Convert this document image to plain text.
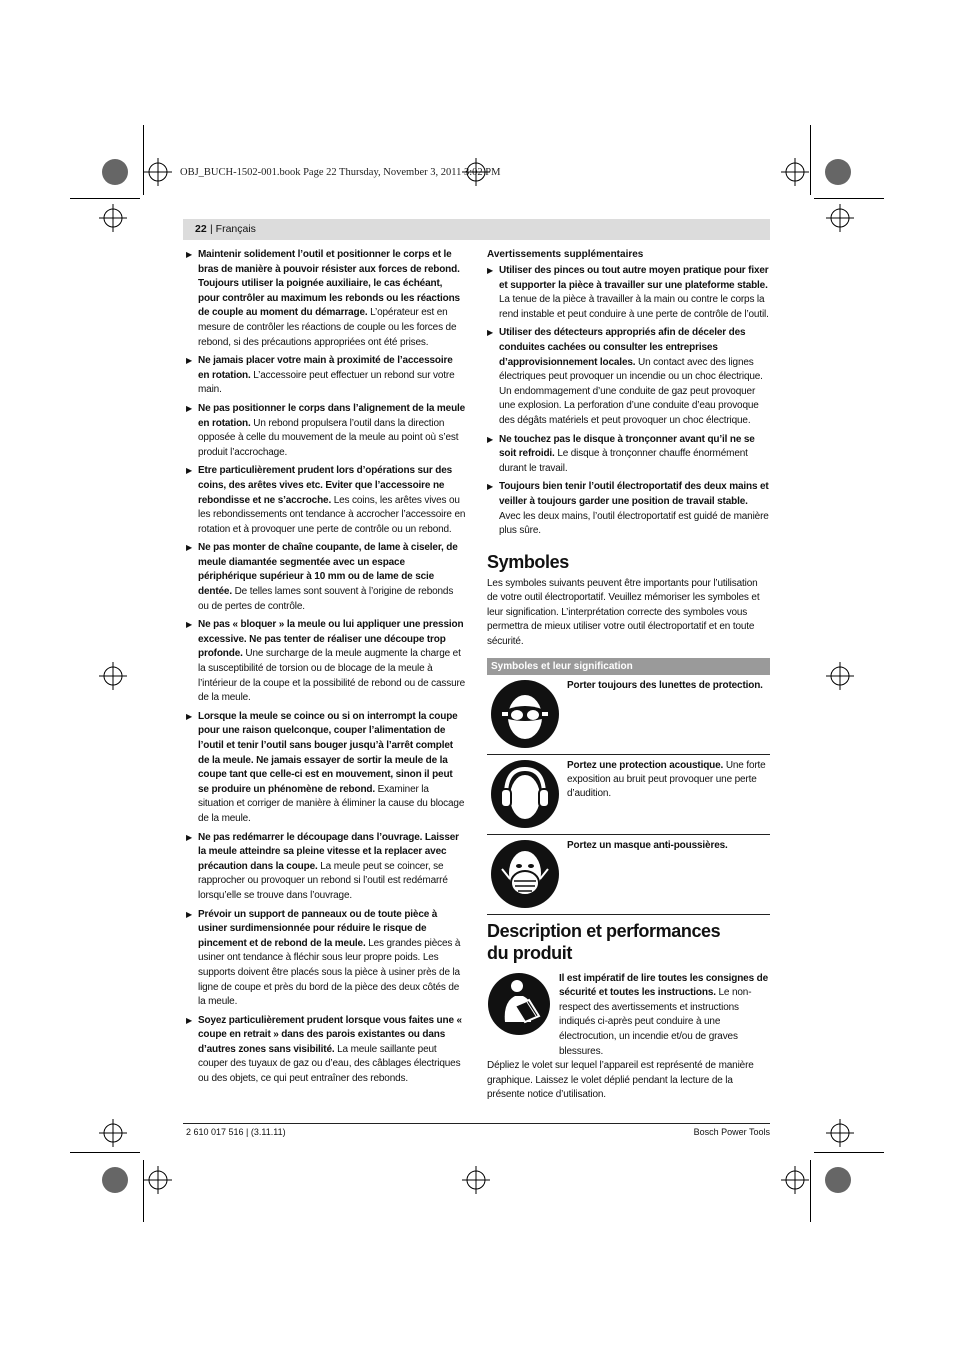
OBJ_BUCH-1502-001.book Page 22 Thursday, November 3, 2011 3:02 PM
22 | Français
▶ Maintenir solidement l’outil et positionner le corps et le bras de manière à pouvoir résister aux forces de rebond. Toujours utiliser la poignée auxiliaire, le cas échéant, pour contrôler au maximum les rebonds ou les réactions de couple au moment du démarrage. L’opérateur est en mesure de contrôler les réactions de couple ou les forces de rebond, si des précautions appropriées ont été prises.
▶ Ne jamais placer votre main à proximité de l’accessoire en rotation. L’accessoire peut effectuer un rebond sur votre main.
▶ Ne pas positionner le corps dans l’alignement de la meule en rotation. Un rebond propulsera l’outil dans la direction opposée à celle du mouvement de la meule au point où s’est produit l’accrochage.
▶ Etre particulièrement prudent lors d’opérations sur des coins, des arêtes vives etc. Eviter que l’accessoire ne rebondisse et ne s’accroche. Les coins, les arêtes vives ou les rebondissements ont tendance à accrocher l’accessoire en rotation et à provoquer une perte de contrôle ou un rebond.
▶ Ne pas monter de chaîne coupante, de lame à ciseler, de meule diamantée segmentée avec un espace périphérique supérieur à 10 mm ou de lame de scie dentée. De telles lames sont souvent à l’origine de rebonds ou de pertes de contrôle.
▶ Ne pas « bloquer » la meule ou lui appliquer une pression excessive. Ne pas tenter de réaliser une découpe trop profonde. Une surcharge de la meule augmente la charge et la susceptibilité de torsion ou de blocage de la meule à l’intérieur de la coupe et la possibilité de rebond ou de cassure de la meule.
▶ Lorsque la meule se coince ou si on interrompt la coupe pour une raison quelconque, couper l’alimentation de l’outil et tenir l’outil sans bouger jusqu’à l’arrêt complet de la meule. Ne jamais essayer de sortir la meule de la coupe tant que celle-ci est en mouvement, sinon il peut se produire un phénomène de rebond. Examiner la situation et corriger de manière à éliminer la cause du blocage de la meule.
▶ Ne pas redémarrer le découpage dans l’ouvrage. Laisser la meule atteindre sa pleine vitesse et la replacer avec précaution dans la coupe. La meule peut se coincer, se rapprocher ou provoquer un rebond si l’outil est redémarré lorsqu’elle se trouve dans l’ouvrage.
▶ Prévoir un support de panneaux ou de toute pièce à usiner surdimensionnée pour réduire le risque de pincement et de rebond de la meule. Les grandes pièces à usiner ont tendance à fléchir sous leur propre poids. Les supports doivent être placés sous la pièce à usiner près de la ligne de coupe et près du bord de la pièce des deux côtés de la meule.
▶ Soyez particulièrement prudent lorsque vous faites une « coupe en retrait » dans des parois existantes ou dans d’autres zones sans visibilité. La meule saillante peut couper des tuyaux de gaz ou d’eau, des câblages électriques ou des objets, ce qui peut entraîner des rebonds.
Avertissements supplémentaires
▶ Utiliser des pinces ou tout autre moyen pratique pour fixer et supporter la pièce à travailler sur une plateforme stable. La tenue de la pièce à travailler à la main ou contre le corps la rend instable et peut conduire à une perte de contrôle de l’outil.
▶ Utiliser des détecteurs appropriés afin de déceler des conduites cachées ou consulter les entreprises d’approvisionnement locales. Un contact avec des lignes électriques peut provoquer un incendie ou un choc électrique. Un endommagement d’une conduite de gaz peut provoquer une explosion. La perforation d’une conduite d’eau provoque des dégâts matériels et peut provoquer un choc électrique.
▶ Ne touchez pas le disque à tronçonner avant qu’il ne se soit refroidi. Le disque à tronçonner chauffe énormément durant le travail.
▶ Toujours bien tenir l’outil électroportatif des deux mains et veiller à toujours garder une position de travail stable. Avec les deux mains, l’outil électroportatif est guidé de manière plus sûre.
Symboles
Les symboles suivants peuvent être importants pour l’utilisation de votre outil électroportatif. Veuillez mémoriser les symboles et leur signification. L’interprétation correcte des symboles vous permettra de mieux utiliser votre outil électroportatif et en toute sécurité.
Symboles et leur signification
Porter toujours des lunettes de protection.
Portez une protection acoustique. Une forte exposition au bruit peut provoquer une perte d’audition.
Portez un masque anti-poussières.
Description et performances
du produit
Il est impératif de lire toutes les consignes de sécurité et toutes les instructions. Le non-respect des avertissements et instructions indiqués ci-après peut conduire à une électrocution, un incendie et/ou de graves blessures.
Dépliez le volet sur lequel l’appareil est représenté de manière graphique. Laissez le volet déplié pendant la lecture de la présente notice d’utilisation.
2 610 017 516 | (3.11.11)	Bosch Power Tools
